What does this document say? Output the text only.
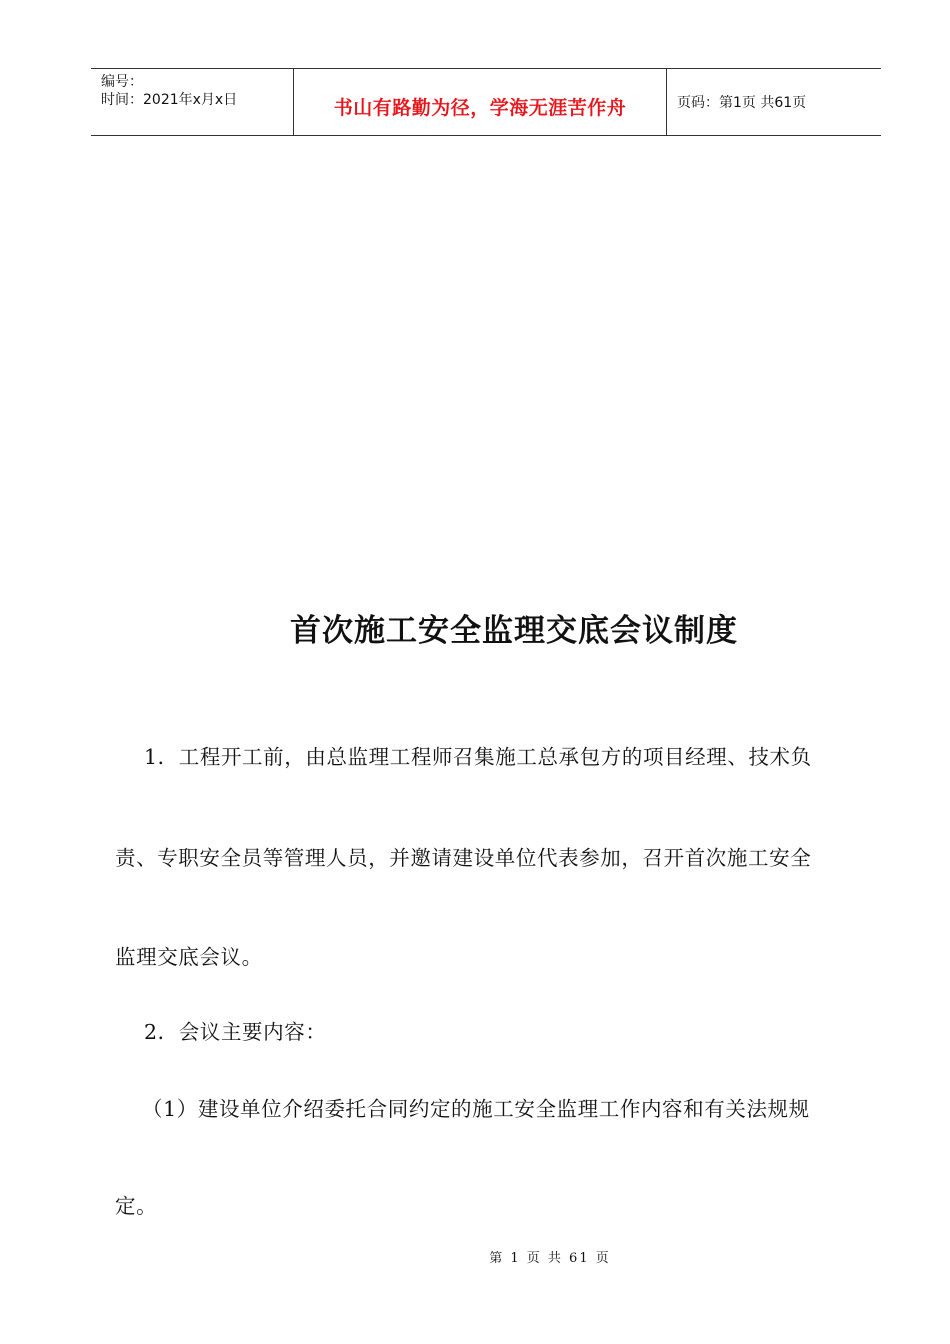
编号：
时间：2021年x月x日	书山有路勤为径，学海无涯苦作舟	页码：第1页 共61页
首次施工安全监理交底会议制度
1．工程开工前，由总监理工程师召集施工总承包方的项目经理、技术负
责、专职安全员等管理人员，并邀请建设单位代表参加，召开首次施工安全
监理交底会议。
2．会议主要内容：
（1）建设单位介绍委托合同约定的施工安全监理工作内容和有关法规规
定。
第 1 页 共 61 页
